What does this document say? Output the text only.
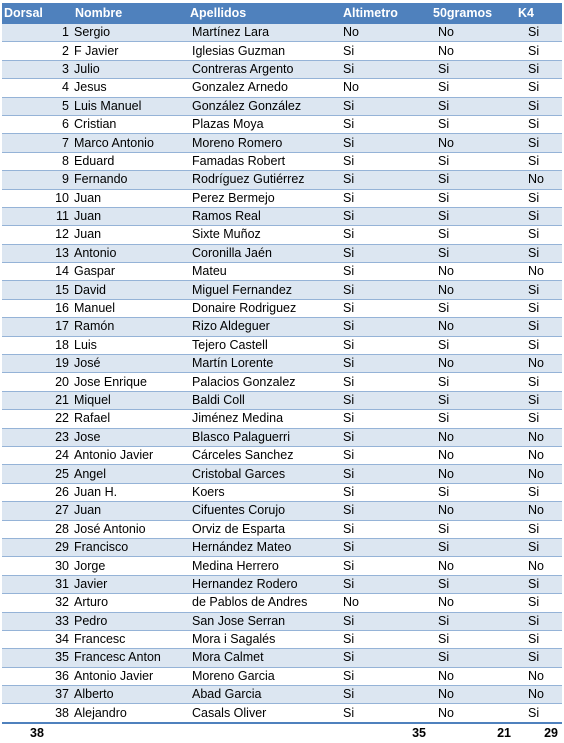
Dorsal	Nombre	Apellidos	Altimetro	50gramos	K4
1	Sergio	Martínez Lara	No	No	Si
2	F Javier	Iglesias Guzman	Si	No	Si
3	Julio	Contreras Argento	Si	Si	Si
4	Jesus	Gonzalez Arnedo	No	Si	Si
5	Luis Manuel	González González	Si	Si	Si
6	Cristian	Plazas Moya	Si	Si	Si
7	Marco Antonio	Moreno Romero	Si	No	Si
8	Eduard	Famadas Robert	Si	Si	Si
9	Fernando	Rodríguez Gutiérrez	Si	Si	No
10	Juan	Perez Bermejo	Si	Si	Si
11	Juan	Ramos Real	Si	Si	Si
12	Juan	Sixte Muñoz	Si	Si	Si
13	Antonio	Coronilla Jaén	Si	Si	Si
14	Gaspar	Mateu	Si	No	No
15	David	Miguel Fernandez	Si	No	Si
16	Manuel	Donaire Rodriguez	Si	Si	Si
17	Ramón	Rizo Aldeguer	Si	No	Si
18	Luis	Tejero Castell	Si	Si	Si
19	José	Martín Lorente	Si	No	No
20	Jose Enrique	Palacios Gonzalez	Si	Si	Si
21	Miquel	Baldi Coll	Si	Si	Si
22	Rafael	Jiménez Medina	Si	Si	Si
23	Jose	Blasco Palaguerri	Si	No	No
24	Antonio Javier	Cárceles Sanchez	Si	No	No
25	Angel	Cristobal Garces	Si	No	No
26	Juan H.	Koers	Si	Si	Si
27	Juan	Cifuentes Corujo	Si	No	No
28	José Antonio	Orviz de Esparta	Si	Si	Si
29	Francisco	Hernández Mateo	Si	Si	Si
30	Jorge	Medina Herrero	Si	No	No
31	Javier	Hernandez Rodero	Si	Si	Si
32	Arturo	de Pablos de Andres	No	No	Si
33	Pedro	San Jose Serran	Si	Si	Si
34	Francesc	Mora i Sagalés	Si	Si	Si
35	Francesc Anton	Mora Calmet	Si	Si	Si
36	Antonio Javier	Moreno Garcia	Si	No	No
37	Alberto	Abad Garcia	Si	No	No
38	Alejandro	Casals Oliver	Si	No	Si
38			35	21	29
